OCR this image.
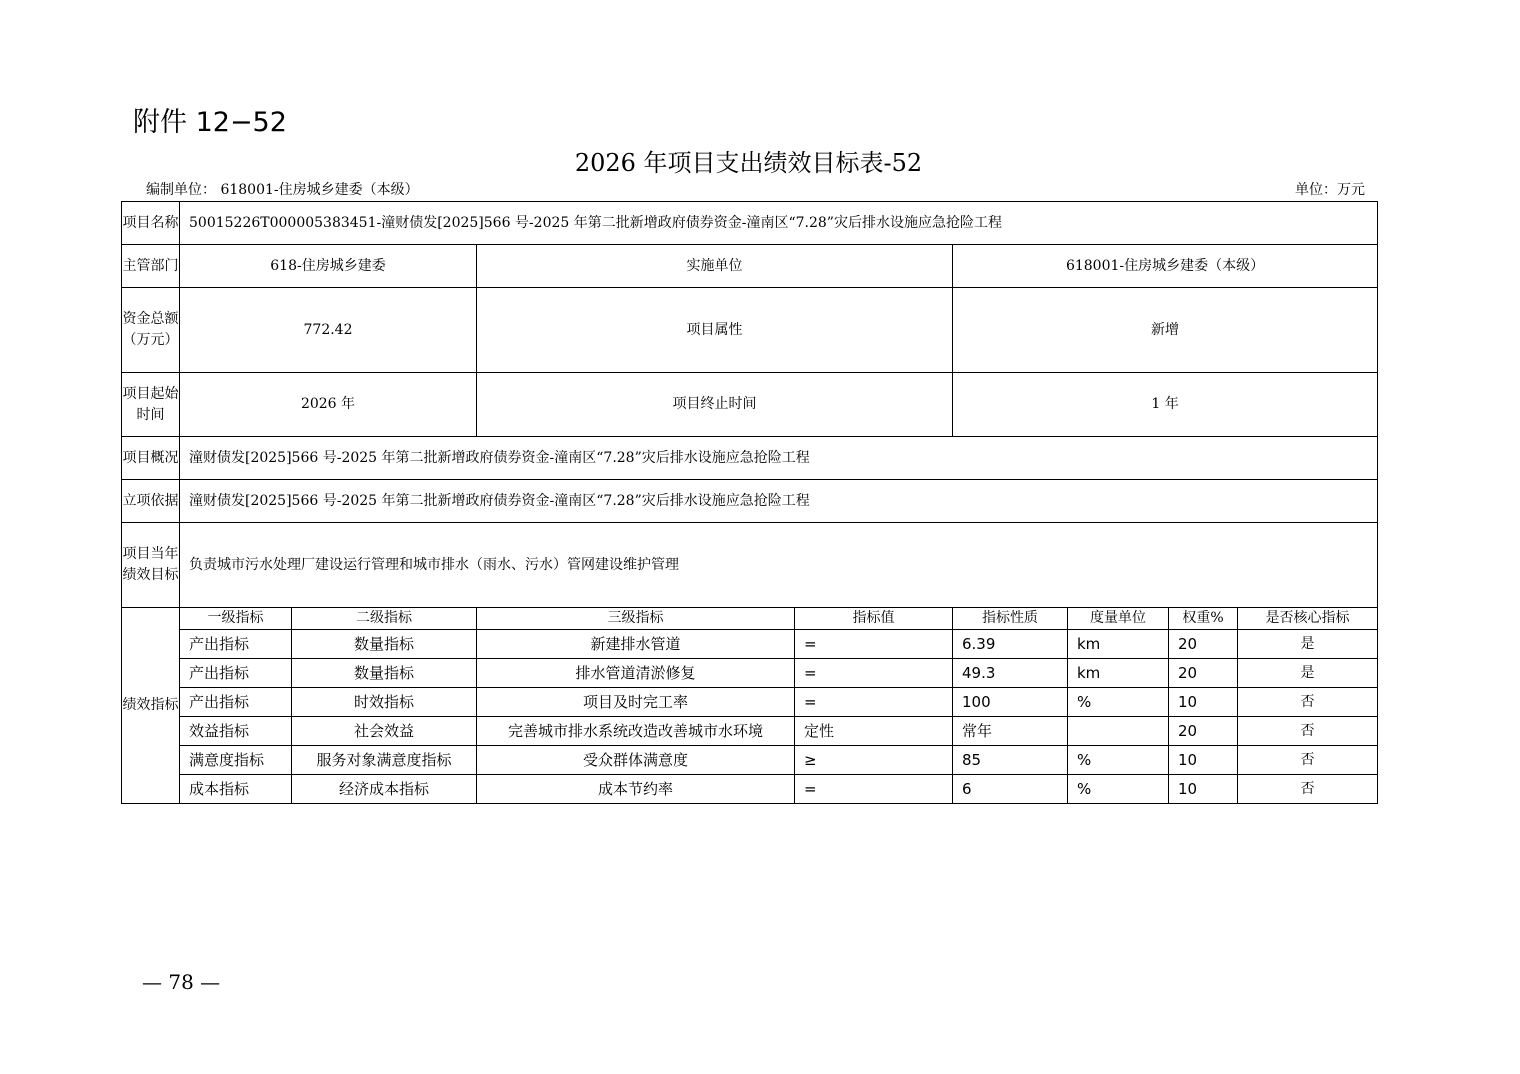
附件 12−52
2026 年项目支出绩效目标表-52
编制单位： 618001-住房城乡建委（本级）	单位：万元
项目名称	50015226T000005383451-潼财债发[2025]566 号-2025 年第二批新增政府债券资金-潼南区“7.28”灾后排水设施应急抢险工程							
主管部门	618-住房城乡建委		实施单位		618001-住房城乡建委（本级）			
资金总额（万元）	772.42		项目属性		新增			
项目起始时间	2026 年		项目终止时间		1 年			
项目概况	潼财债发[2025]566 号-2025 年第二批新增政府债券资金-潼南区“7.28”灾后排水设施应急抢险工程							
立项依据	潼财债发[2025]566 号-2025 年第二批新增政府债券资金-潼南区“7.28”灾后排水设施应急抢险工程							
项目当年绩效目标	负责城市污水处理厂建设运行管理和城市排水（雨水、污水）管网建设维护管理							
绩效指标	一级指标	二级指标	三级指标	指标值	指标性质	度量单位	权重%	是否核心指标
	产出指标	数量指标	新建排水管道	=	6.39	km	20	是
	产出指标	数量指标	排水管道清淤修复	=	49.3	km	20	是
	产出指标	时效指标	项目及时完工率	=	100	%	10	否
	效益指标	社会效益	完善城市排水系统改造改善城市水环境	定性	常年		20	否
	满意度指标	服务对象满意度指标	受众群体满意度	≥	85	%	10	否
	成本指标	经济成本指标	成本节约率	=	6	%	10	否
— 78 —
